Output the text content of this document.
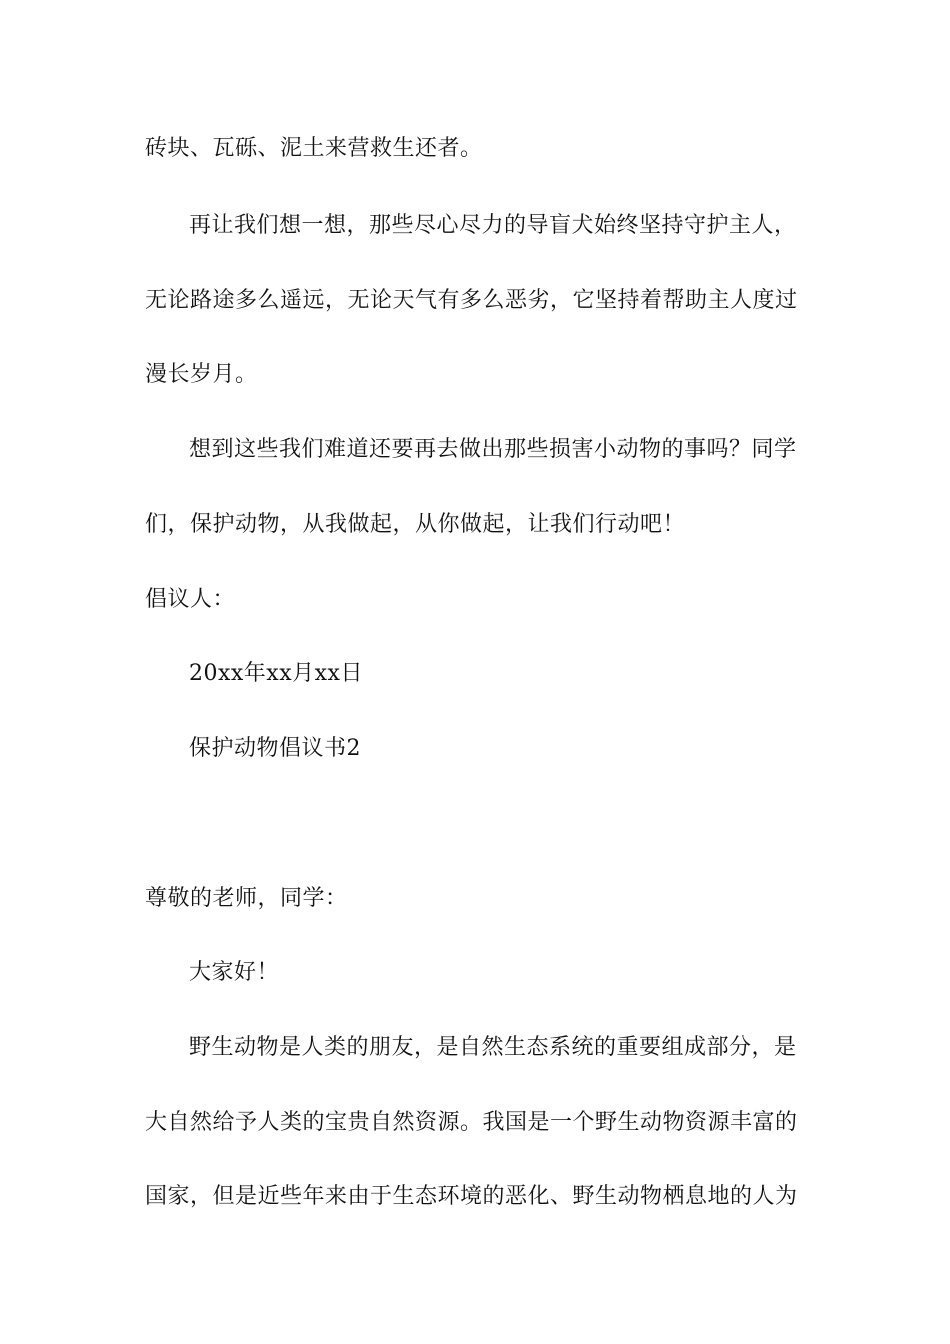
砖块、瓦砾、泥土来营救生还者。
再让我们想一想，那些尽心尽力的导盲犬始终坚持守护主人，
无论路途多么遥远，无论天气有多么恶劣，它坚持着帮助主人度过
漫长岁月。
想到这些我们难道还要再去做出那些损害小动物的事吗？同学
们，保护动物，从我做起，从你做起，让我们行动吧！
倡议人：
20xx年xx月xx日
保护动物倡议书2
尊敬的老师，同学：
大家好！
野生动物是人类的朋友，是自然生态系统的重要组成部分，是
大自然给予人类的宝贵自然资源。我国是一个野生动物资源丰富的
国家，但是近些年来由于生态环境的恶化、野生动物栖息地的人为
